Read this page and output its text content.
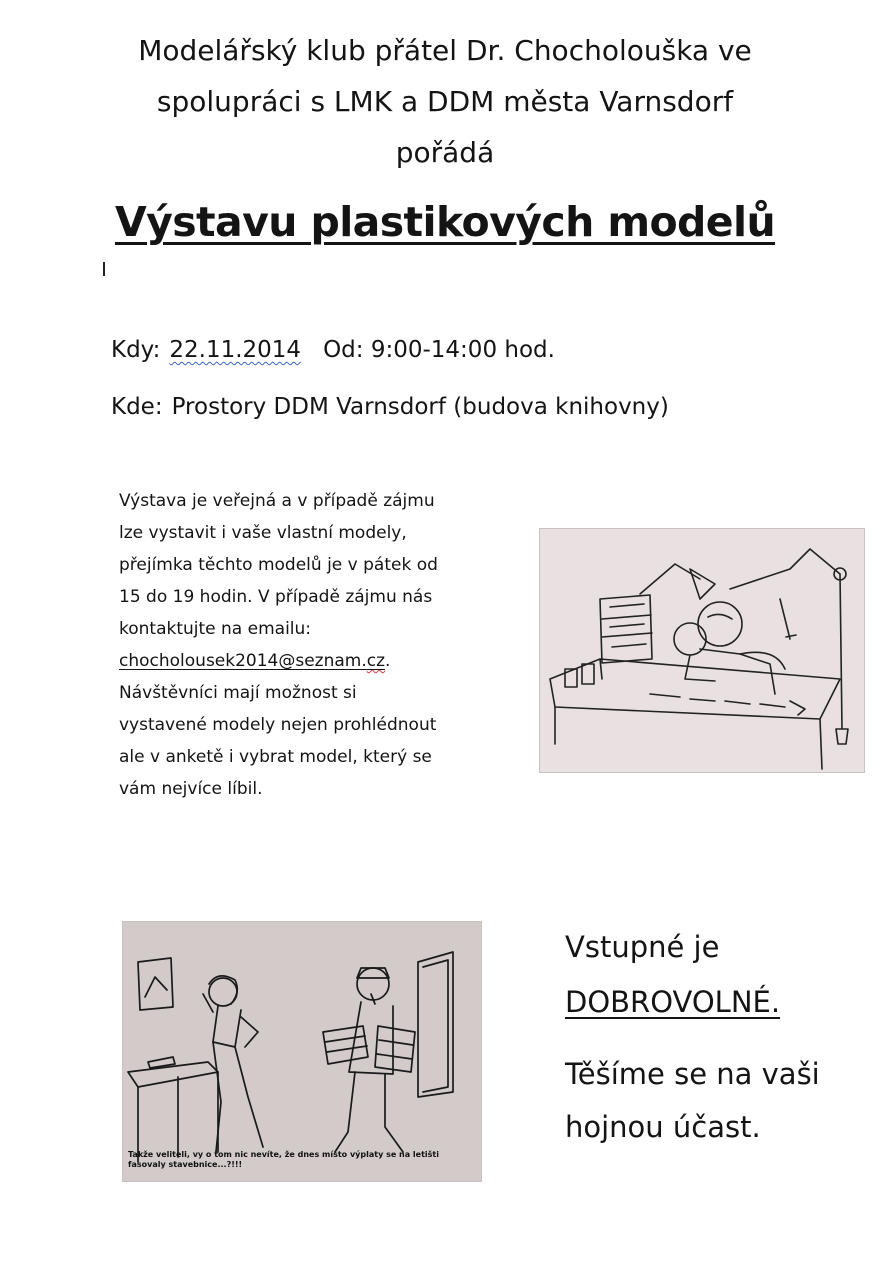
Modelářský klub přátel Dr. Chocholouška ve
spolupráci s LMK a DDM města Varnsdorf
pořádá
Výstavu plastikových modelů
Kdy: 22.11.2014 Od: 9:00-14:00 hod.
Kde: Prostory DDM Varnsdorf (budova knihovny)
Výstava je veřejná a v případě zájmu
lze vystavit i vaše vlastní modely,
přejímka těchto modelů je v pátek od
15 do 19 hodin. V případě zájmu nás
kontaktujte na emailu:
chocholousek2014@seznam.cz.
Návštěvníci mají možnost si
vystavené modely nejen prohlédnout
ale v anketě i vybrat model, který se
vám nejvíce líbil.
Takže veliteli, vy o tom nic nevíte, že dnes místo výplaty se na letišti fasovaly stavebnice...?!!!
Vstupné je
DOBROVOLNÉ.
Těšíme se na vaši
hojnou účast.
